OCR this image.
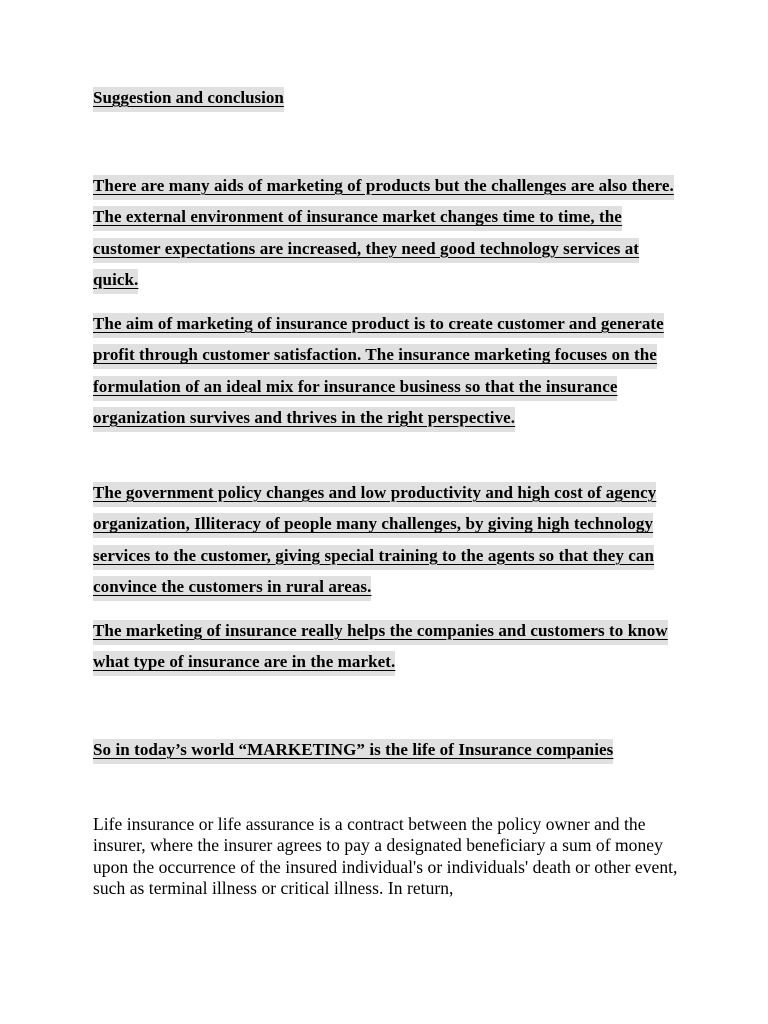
Suggestion and conclusion
There are many aids of marketing of products but the challenges are also there. The external environment of insurance market changes time to time, the customer expectations are increased, they need good technology services at quick.
The aim of marketing of insurance product is to create customer and generate profit through customer satisfaction. The insurance marketing focuses on the formulation of an ideal mix for insurance business so that the insurance organization survives and thrives in the right perspective.
The government policy changes and low productivity and high cost of agency organization, Illiteracy of people many challenges, by giving high technology services to the customer, giving special training to the agents so that they can convince the customers in rural areas.
The marketing of insurance really helps the companies and customers to know what type of insurance are in the market.
So in today’s world “MARKETING” is the life of Insurance companies
Life insurance or life assurance is a contract between the policy owner and the insurer, where the insurer agrees to pay a designated beneficiary a sum of money upon the occurrence of the insured individual's or individuals' death or other event, such as terminal illness or critical illness. In return,
